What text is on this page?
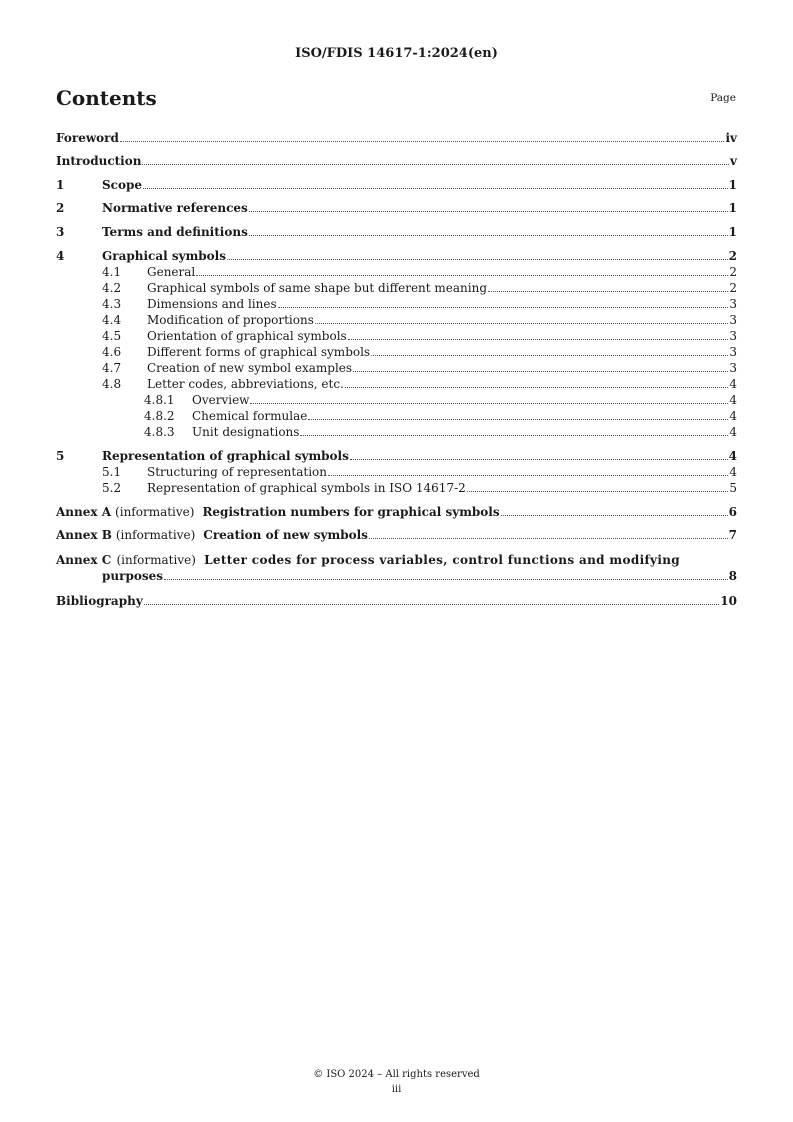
ISO/FDIS 14617-1:2024(en)
Contents	Page
Foreword	iv
Introduction	v
1	Scope	1
2	Normative references	1
3	Terms and definitions	1
4	Graphical symbols	2
4.1	General	2
4.2	Graphical symbols of same shape but different meaning	2
4.3	Dimensions and lines	3
4.4	Modification of proportions	3
4.5	Orientation of graphical symbols	3
4.6	Different forms of graphical symbols	3
4.7	Creation of new symbol examples	3
4.8	Letter codes, abbreviations, etc.	4
4.8.1	Overview	4
4.8.2	Chemical formulae	4
4.8.3	Unit designations	4
5	Representation of graphical symbols	4
5.1	Structuring of representation	4
5.2	Representation of graphical symbols in ISO 14617-2	5
Annex A (informative) Registration numbers for graphical symbols	6
Annex B (informative) Creation of new symbols	7
Annex C (informative) Letter codes for process variables, control functions and modifying
purposes	8
Bibliography	10
© ISO 2024 – All rights reserved
iii
